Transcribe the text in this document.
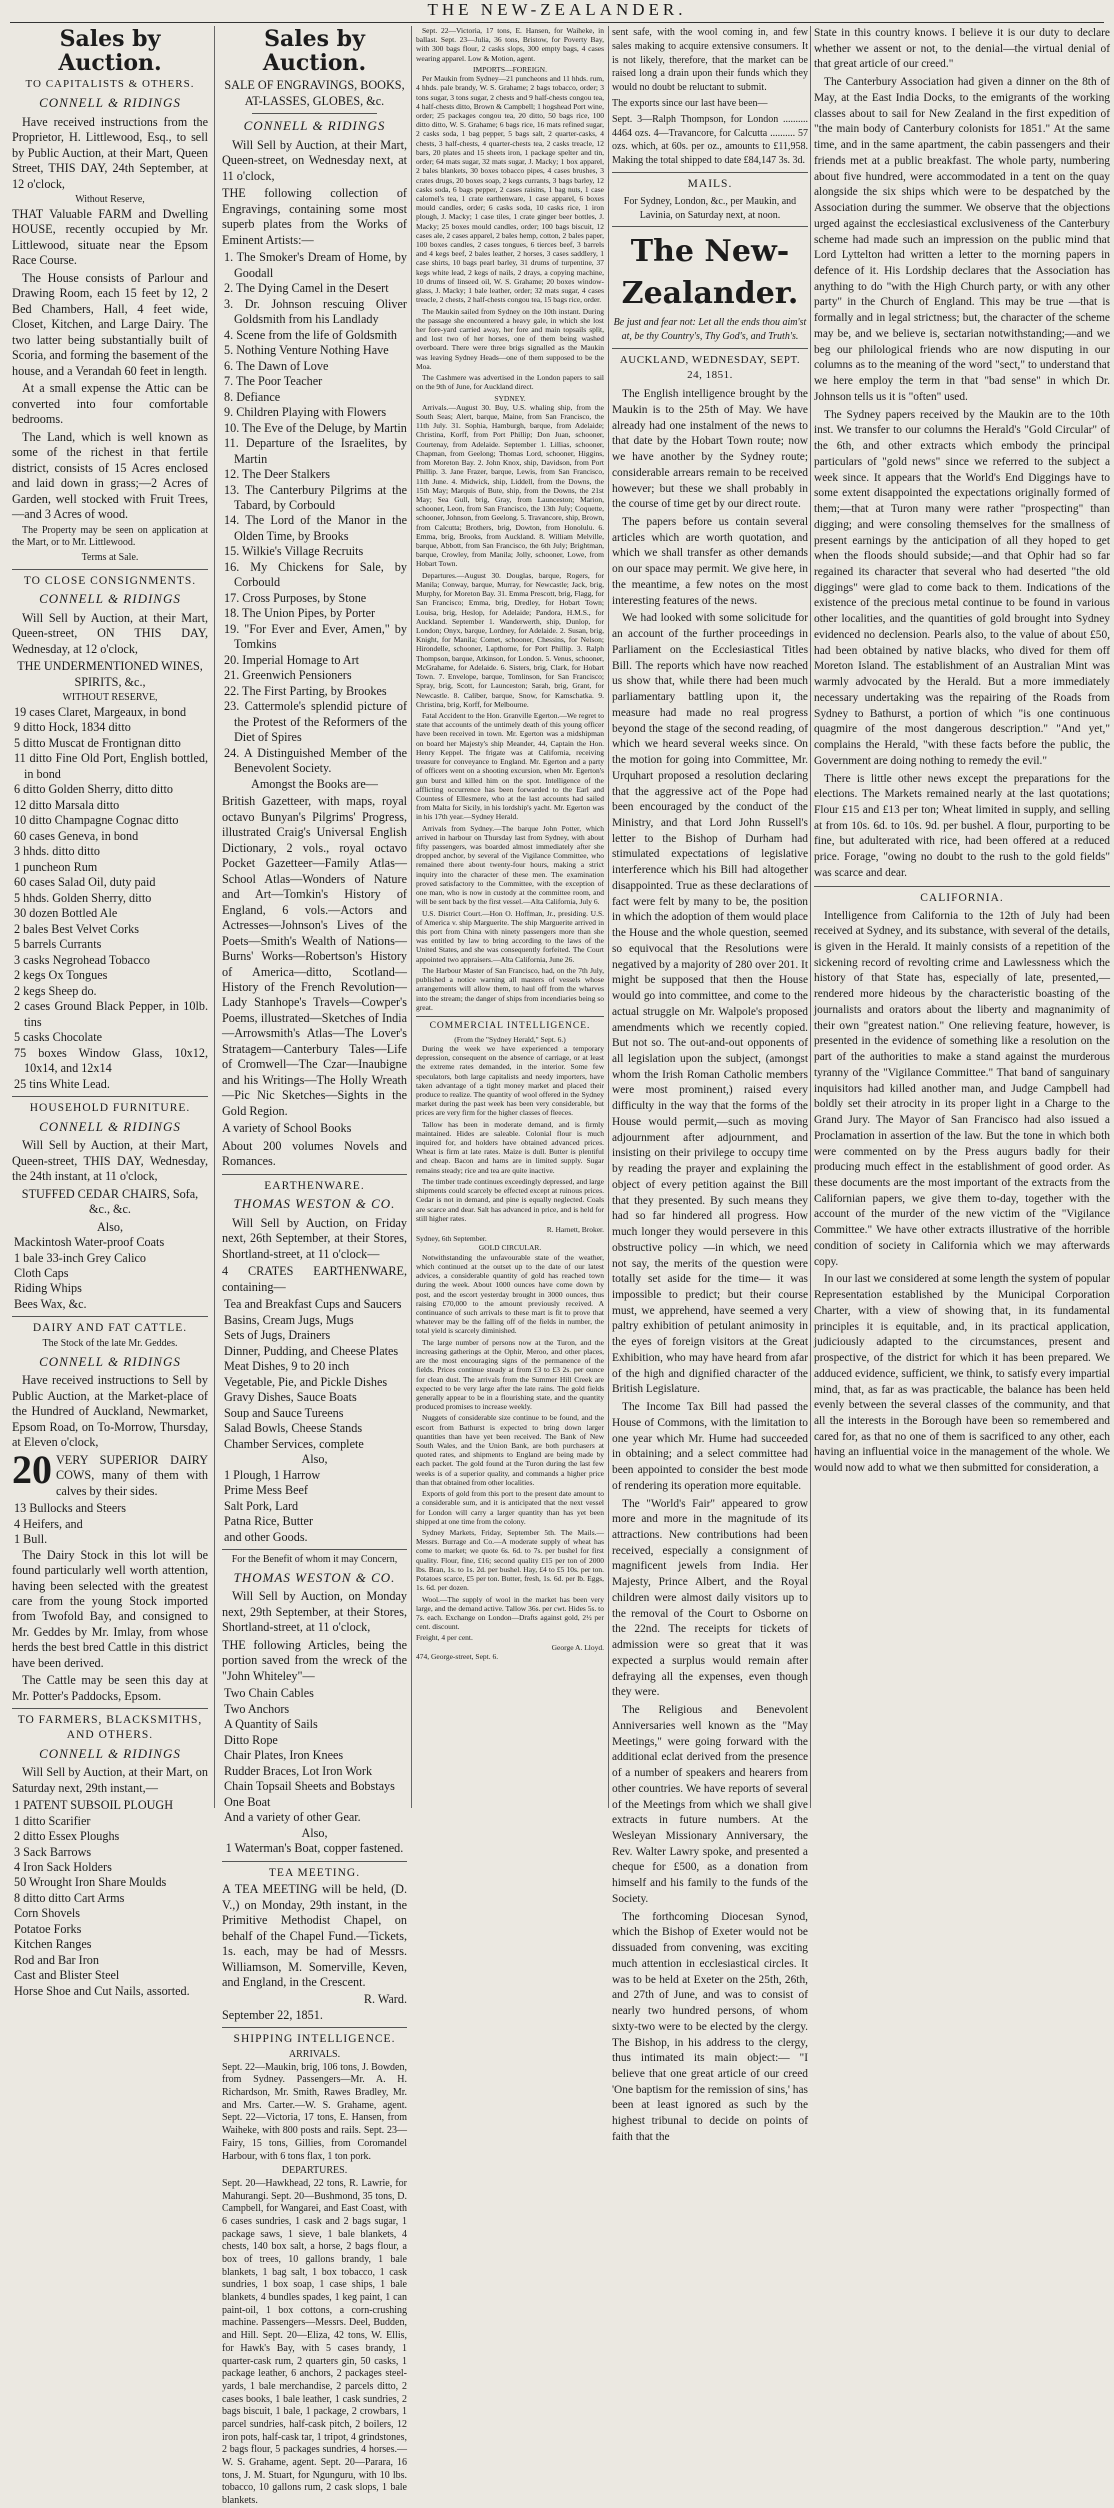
THE NEW-ZEALANDER.
Sales by Auction.
TO CAPITALISTS & OTHERS.
CONNELL & RIDINGS

Have received instructions from the Proprietor, H. Littlewood, Esq., to sell by Public Auction, at their Mart, Queen Street, THIS DAY, 24th September, at 12 o'clock,

Without Reserve,

THAT Valuable FARM and Dwelling HOUSE, recently occupied by Mr. Littlewood, situate near the Epsom Race Course.

The House consists of Parlour and Drawing Room, each 15 feet by 12, 2 Bed Chambers, Hall, 4 feet wide, Closet, Kitchen, and Large Dairy. The two latter being substantially built of Scoria, and forming the basement of the house, and a Verandah 60 feet in length.

At a small expense the Attic can be converted into four comfortable bedrooms.

The Land, which is well known as some of the richest in that fertile district, consists of 15 Acres enclosed and laid down in grass;—2 Acres of Garden, well stocked with Fruit Trees,—and 3 Acres of wood.

The Property may be seen on application at the Mart, or to Mr. Littlewood.

Terms at Sale.
TO CLOSE CONSIGNMENTS.
CONNELL & RIDINGS

Will Sell by Auction, at their Mart, Queen-street, ON THIS DAY, Wednesday, at 12 o'clock,

THE UNDERMENTIONED WINES, SPIRITS, &c.,

WITHOUT RESERVE,
19 cases Claret, Margeaux, in bond
9 ditto Hock, 1834 ditto
5 ditto Muscat de Frontignan ditto
11 ditto Fine Old Port, English bottled, in bond
6 ditto Golden Sherry, ditto ditto
12 ditto Marsala ditto
10 ditto Champagne Cognac ditto
60 cases Geneva, in bond
3 hhds. ditto ditto
1 puncheon Rum
60 cases Salad Oil, duty paid
5 hhds. Golden Sherry, ditto
30 dozen Bottled Ale
2 bales Best Velvet Corks
5 barrels Currants
3 casks Negrohead Tobacco
2 kegs Ox Tongues
2 kegs Sheep do.
2 cases Ground Black Pepper, in 10lb. tins
5 casks Chocolate
75 boxes Window Glass, 10x12, 10x14, and 12x14
25 tins White Lead.
HOUSEHOLD FURNITURE.
CONNELL & RIDINGS

Will Sell by Auction, at their Mart, Queen-street, THIS DAY, Wednesday, the 24th instant, at 11 o'clock,

STUFFED CEDAR CHAIRS, Sofa, &c., &c.

Also,
Mackintosh Water-proof Coats
1 bale 33-inch Grey Calico
Cloth Caps
Riding Whips
Bees Wax, &c.
DAIRY AND FAT CATTLE.
The Stock of the late Mr. Geddes.
CONNELL & RIDINGS

Have received instructions to Sell by Public Auction, at the Market-place of the Hundred of Auckland, Newmarket, Epsom Road, on To-Morrow, Thursday, at Eleven o'clock,

20 VERY SUPERIOR DAIRY COWS, many of them with calves by their sides.

13 Bullocks and Steers
4 Heifers, and
1 Bull.

The Dairy Stock in this lot will be found particularly well worth attention, having been selected with the greatest care from the young Stock imported from Twofold Bay, and consigned to Mr. Geddes by Mr. Imlay, from whose herds the best bred Cattle in this district have been derived.

The Cattle may be seen this day at Mr. Potter's Paddocks, Epsom.

TO FARMERS, BLACKSMITHS, AND OTHERS.
CONNELL & RIDINGS

Will Sell by Auction, at their Mart, on Saturday next, 29th instant,—

1 PATENT SUBSOIL PLOUGH
1 ditto Scarifier
2 ditto Essex Ploughs
3 Sack Barrows
4 Iron Sack Holders
50 Wrought Iron Share Moulds
8 ditto ditto Cart Arms
Corn Shovels
Potatoe Forks
Kitchen Ranges
Rod and Bar Iron
Cast and Blister Steel
Horse Shoe and Cut Nails, assorted.
Sales by Auction.
SALE OF ENGRAVINGS, BOOKS, AT-LASSES, GLOBES, &c.
CONNELL & RIDINGS

Will Sell by Auction, at their Mart, Queen-street, on Wednesday next, at 11 o'clock,

THE following collection of Engravings, containing some most superb plates from the Works of Eminent Artists:—

1. The Smoker's Dream of Home, by Goodall
2. The Dying Camel in the Desert
3. Dr. Johnson rescuing Oliver Goldsmith from his Landlady
4. Scene from the life of Goldsmith
5. Nothing Venture Nothing Have
6. The Dawn of Love
7. The Poor Teacher
8. Defiance
9. Children Playing with Flowers
10. The Eve of the Deluge, by Martin
11. Departure of the Israelites, by Martin
12. The Deer Stalkers
13. The Canterbury Pilgrims at the Tabard, by Corbould
14. The Lord of the Manor in the Olden Time, by Brooks
15. Wilkie's Village Recruits
16. My Chickens for Sale, by Corbould
17. Cross Purposes, by Stone
18. The Union Pipes, by Porter
19. "For Ever and Ever, Amen," by Tomkins
20. Imperial Homage to Art
21. Greenwich Pensioners
22. The First Parting, by Brookes
23. Cattermole's splendid picture of the Protest of the Reformers of the Diet of Spires
24. A Distinguished Member of the Benevolent Society.

Amongst the Books are—

British Gazetteer, with maps, royal octavo Bunyan's Pilgrims' Progress, illustrated Craig's Universal English Dictionary, 2 vols., royal octavo Pocket Gazetteer—Family Atlas—School Atlas—Wonders of Nature and Art—Tomkin's History of England, 6 vols.—Actors and Actresses—Johnson's Lives of the Poets—Smith's Wealth of Nations—Burns' Works—Robertson's History of America—ditto, Scotland—History of the French Revolution—Lady Stanhope's Travels—Cowper's Poems, illustrated—Sketches of India—Arrowsmith's Atlas—The Lover's Stratagem—Canterbury Tales—Life of Cromwell—The Czar—Inaubigne and his Writings—The Holly Wreath—Pic Nic Sketches—Sights in the Gold Region.

A variety of School Books

About 200 volumes Novels and Romances.

EARTHENWARE.
THOMAS WESTON & CO.

Will Sell by Auction, on Friday next, 26th September, at their Stores, Shortland-street, at 11 o'clock—

4 CRATES EARTHENWARE, containing—

Tea and Breakfast Cups and Saucers
Basins, Cream Jugs, Mugs
Sets of Jugs, Drainers
Dinner, Pudding, and Cheese Plates
Meat Dishes, 9 to 20 inch
Vegetable, Pie, and Pickle Dishes
Gravy Dishes, Sauce Boats
Soup and Sauce Tureens
Salad Bowls, Cheese Stands
Chamber Services, complete
Also,
1 Plough, 1 Harrow
Prime Mess Beef
Salt Pork, Lard
Patna Rice, Butter
and other Goods.
For the Benefit of whom it may Concern,
THOMAS WESTON & CO.

Will Sell by Auction, on Monday next, 29th September, at their Stores, Shortland-street, at 11 o'clock,

THE following Articles, being the portion saved from the wreck of the "John Whiteley"—

Two Chain Cables
Two Anchors
A Quantity of Sails
Ditto Rope
Chair Plates, Iron Knees
Rudder Braces, Lot Iron Work
Chain Topsail Sheets and Bobstays
One Boat
And a variety of other Gear.
Also,

1 Waterman's Boat, copper fastened.

TEA MEETING.

A TEA MEETING will be held, (D. V.,) on Monday, 29th instant, in the Primitive Methodist Chapel, on behalf of the Chapel Fund.—Tickets, 1s. each, may be had of Messrs. Williamson, M. Somerville, Keven, and England, in the Crescent.

R. Ward.
September 22, 1851.
SHIPPING INTELLIGENCE.
ARRIVALS.

Sept. 22—Maukin, brig, 106 tons, J. Bowden, from Sydney. Passengers—Mr. A. H. Richardson, Mr. Smith, Rawes Bradley, Mr. and Mrs. Carter.—W. S. Grahame, agent. Sept. 22—Victoria, 17 tons, E. Hansen, from Waiheke, with 800 posts and rails. Sept. 23—Fairy, 15 tons, Gillies, from Coromandel Harbour, with 6 tons flax, 1 ton pork.

DEPARTURES.

Sept. 20—Hawkhead, 22 tons, R. Lawrie, for Mahurangi. Sept. 20—Bushmond, 35 tons, D. Campbell, for Wangarei, and East Coast, with 6 cases sundries, 1 cask and 2 bags sugar, 1 package saws, 1 sieve, 1 bale blankets, 4 chests, 140 box salt, a horse, 2 bags flour, a box of trees, 10 gallons brandy, 1 bale blankets, 1 bag salt, 1 box tobacco, 1 cask sundries, 1 box soap, 1 case ships, 1 bale blankets, 4 bundles spades, 1 keg paint, 1 can paint-oil, 1 box cottons, a corn-crushing machine. Passengers—Messrs. Deel, Budden, and Hill. Sept. 20—Eliza, 42 tons, W. Ellis, for Hawk's Bay, with 5 cases brandy, 1 quarter-cask rum, 2 quarters gin, 50 casks, 1 package leather, 6 anchors, 2 packages steel-yards, 1 bale merchandise, 2 parcels ditto, 2 cases books, 1 bale leather, 1 cask sundries, 2 bags biscuit, 1 bale, 1 package, 2 crowbars, 1 parcel sundries, half-cask pitch, 2 boilers, 12 iron pots, half-cask tar, 1 tripot, 4 grindstones, 2 bags flour, 5 packages sundries, 4 horses.—W. S. Grahame, agent. Sept. 20—Parara, 16 tons, J. M. Stuart, for Ngunguru, with 10 lbs. tobacco, 10 gallons rum, 2 cask slops, 1 bale blankets.

Sept. 22—Victoria, 17 tons, E. Hansen, for Waiheke, in ballast. Sept. 23—Julia, 36 tons, Bristow, for Poverty Bay, with 300 bags flour, 2 casks slops, 300 empty bags, 4 cases wearing apparel. Low & Motion, agent.

IMPORTS—FOREIGN.

Per Maukin from Sydney—21 puncheons and 11 hhds. rum, 4 hhds. pale brandy, W. S. Grahame; 2 bags tobacco, order; 3 tons sugar, 3 tons sugar, 2 chests and 9 half-chests congou tea, 4 half-chests ditto, Brown & Campbell; 1 hogshead Port wine, order; 25 packages congou tea, 20 ditto, 50 bags rice, 100 ditto ditto, W. S. Grahame; 6 bags rice, 16 mats refined sugar, 2 casks soda, 1 bag pepper, 5 bags salt, 2 quarter-casks, 4 chests, 3 half-chests, 4 quarter-chests tea, 2 casks treacle, 12 bars, 20 plates and 15 sheets iron, 1 package spelter and tin, order; 64 mats sugar, 32 mats sugar, J. Macky; 1 box apparel, 2 bales blankets, 30 boxes tobacco pipes, 4 cases brushes, 3 crates drugs, 20 boxes soap, 2 kegs currants, 3 bags barley, 12 casks soda, 6 bags pepper, 2 cases raisins, 1 bag nuts, 1 case calomel's tea, 1 crate earthenware, 1 case apparel, 6 boxes mould candles, order; 6 casks soda, 10 casks rice, 1 iron plough, J. Macky; 1 case tiles, 1 crate ginger beer bottles, J. Macky; 25 boxes mould candles, order; 100 bags biscuit, 12 cases ale, 2 cases apparel, 2 bales hemp, cotton, 2 bales paper, 100 boxes candles, 2 cases tongues, 6 tierces beef, 3 barrels and 4 kegs beef, 2 bales leather, 2 horses, 3 cases saddlery, 1 case shirts, 10 bags pearl barley, 31 drums of turpentine, 37 kegs white lead, 2 kegs of nails, 2 drays, a copying machine, 10 drums of linseed oil, W. S. Grahame; 20 boxes window-glass, J. Macky; 1 bale leather, order; 32 mats sugar, 4 cases treacle, 2 chests, 2 half-chests congou tea, 15 bags rice, order.

The Maukin sailed from Sydney on the 10th instant. During the passage she encountered a heavy gale, in which she lost her fore-yard carried away, her fore and main topsails split, and lost two of her horses, one of them being washed overboard. There were three brigs signalled as the Maukin was leaving Sydney Heads—one of them supposed to be the Moa.

The Cashmere was advertised in the London papers to sail on the 9th of June, for Auckland direct.

SYDNEY.

Arrivals.—August 30. Buy, U.S. whaling ship, from the South Seas; Alert, barque, Maine, from San Francisco, the 11th July. 31. Sophia, Hamburgh, barque, from Adelaide; Christina, Korff, from Port Phillip; Don Juan, schooner, Courtenay, from Adelaide. September 1. Lillias, schooner, Chapman, from Geelong; Thomas Lord, schooner, Higgins, from Moreton Bay. 2. John Knox, ship, Davidson, from Port Phillip. 3. Jane Frazer, barque, Lewis, from San Francisco, 11th June. 4. Midwick, ship, Liddell, from the Downs, the 15th May; Marquis of Bute, ship, from the Downs, the 21st May; Sea Gull, brig, Gray, from Launceston; Marion, schooner, Leon, from San Francisco, the 13th July; Coquette, schooner, Johnson, from Geelong. 5. Travancore, ship, Brown, from Calcutta; Brothers, brig, Dowton, from Honolulu. 6. Emma, brig, Brooks, from Auckland. 8. William Melville, barque, Abbott, from San Francisco, the 6th July; Brightman, barque, Crowley, from Manila; Jolly, schooner, Lowe, from Hobart Town.

Departures.—August 30. Douglas, barque, Rogers, for Manila; Conway, barque, Murray, for Newcastle; Jack, brig, Murphy, for Moreton Bay. 31. Emma Prescott, brig, Flagg, for San Francisco; Emma, brig, Dredley, for Hobart Town; Louisa, brig, Heslop, for Adelaide; Pandora, H.M.S., for Auckland. September 1. Wanderwerth, ship, Dunlop, for London; Onyx, barque, Lordney, for Adelaide. 2. Susan, brig, Knight, for Manila; Comet, schooner, Chessins, for Nelson; Hirondelle, schooner, Lapthorne, for Port Phillip. 3. Ralph Thompson, barque, Atkinson, for London. 5. Venus, schooner, McGrahame, for Adelaide. 6. Sisters, brig, Clark, for Hobart Town. 7. Envelope, barque, Tomlinson, for San Francisco; Spray, brig, Scott, for Launceston; Sarah, brig, Grant, for Newcastle. 8. Caliber, barque, Snow, for Kamschatka. 9. Christina, brig, Korff, for Melbourne.

Fatal Accident to the Hon. Granville Egerton.—We regret to state that accounts of the untimely death of this young officer have been received in town. Mr. Egerton was a midshipman on board her Majesty's ship Meander, 44, Captain the Hon. Henry Keppel. The frigate was at California, receiving treasure for conveyance to England. Mr. Egerton and a party of officers went on a shooting excursion, when Mr. Egerton's gun burst and killed him on the spot. Intelligence of the afflicting occurrence has been forwarded to the Earl and Countess of Ellesmere, who at the last accounts had sailed from Malta for Sicily, in his lordship's yacht. Mr. Egerton was in his 17th year.—Sydney Herald.

Arrivals from Sydney.—The barque John Potter, which arrived in harbour on Thursday last from Sydney, with about fifty passengers, was boarded almost immediately after she dropped anchor, by several of the Vigilance Committee, who remained there about twenty-four hours, making a strict inquiry into the character of these men. The examination proved satisfactory to the Committee, with the exception of one man, who is now in custody at the committee room, and will be sent back by the first vessel.—Alta California, July 6.

U.S. District Court.—Hon O. Hoffman, Jr., presiding. U.S. of America v. ship Marguerite. The ship Marguerite arrived in this port from China with ninety passengers more than she was entitled by law to bring according to the laws of the United States, and she was consequently forfeited. The Court appointed two appraisers.—Alta California, June 26.

The Harbour Master of San Francisco, had, on the 7th July, published a notice warning all masters of vessels whose arrangements will allow them, to haul off from the wharves into the stream; the danger of ships from incendiaries being so great.

COMMERCIAL INTELLIGENCE.
(From the "Sydney Herald," Sept. 6.)

During the week we have experienced a temporary depression, consequent on the absence of carriage, or at least the extreme rates demanded, in the interior. Some few speculators, both large capitalists and needy importers, have taken advantage of a tight money market and placed their produce to realize. The quantity of wool offered in the Sydney market during the past week has been very considerable, but prices are very firm for the higher classes of fleeces.

Tallow has been in moderate demand, and is firmly maintained. Hides are saleable. Colonial flour is much inquired for, and holders have obtained advanced prices. Wheat is firm at late rates. Maize is dull. Butter is plentiful and cheap. Bacon and hams are in limited supply. Sugar remains steady; rice and tea are quite inactive.

The timber trade continues exceedingly depressed, and large shipments could scarcely be effected except at ruinous prices. Cedar is not in demand, and pine is equally neglected. Coals are scarce and dear. Salt has advanced in price, and is held for still higher rates.

R. Harnett, Broker.
Sydney, 6th September.
GOLD CIRCULAR.

Notwithstanding the unfavourable state of the weather, which continued at the outset up to the date of our latest advices, a considerable quantity of gold has reached town during the week. About 1000 ounces have come down by post, and the escort yesterday brought in 3000 ounces, thus raising £70,000 to the amount previously received. A continuance of such arrivals to these mart is fit to prove that whatever may be the falling off of the fields in number, the total yield is scarcely diminished.

The large number of persons now at the Turon, and the increasing gatherings at the Ophir, Meroo, and other places, are the most encouraging signs of the permanence of the fields. Prices continue steady at from £3 to £3 2s. per ounce for clean dust. The arrivals from the Summer Hill Creek are expected to be very large after the late rains. The gold fields generally appear to be in a flourishing state, and the quantity produced promises to increase weekly.

Nuggets of considerable size continue to be found, and the escort from Bathurst is expected to bring down larger quantities than have yet been received. The Bank of New South Wales, and the Union Bank, are both purchasers at quoted rates, and shipments to England are being made by each packet. The gold found at the Turon during the last few weeks is of a superior quality, and commands a higher price than that obtained from other localities.

Exports of gold from this port to the present date amount to a considerable sum, and it is anticipated that the next vessel for London will carry a larger quantity than has yet been shipped at one time from the colony.

Sydney Markets, Friday, September 5th. The Mails.—Messrs. Burrage and Co.—A moderate supply of wheat has come to market; we quote 6s. 6d. to 7s. per bushel for first quality. Flour, fine, £16; second quality £15 per ton of 2000 lbs. Bran, 1s. to 1s. 2d. per bushel. Hay, £4 to £5 10s. per ton. Potatoes scarce, £5 per ton. Butter, fresh, 1s. 6d. per lb. Eggs, 1s. 6d. per dozen.

Wool.—The supply of wool in the market has been very large, and the demand active. Tallow 36s. per cwt. Hides 5s. to 7s. each. Exchange on London—Drafts against gold, 2½ per cent. discount.

Freight, 4 per cent.
George A. Lloyd.
474, George-street, Sept. 6.

sent safe, with the wool coming in, and few sales making to acquire extensive consumers. It is not likely, therefore, that the market can be raised long a drain upon their funds which they would no doubt be reluctant to submit.

The exports since our last have been—

Sept. 3—Ralph Thompson, for London .......... 4464 ozs. 4—Travancore, for Calcutta .......... 57 ozs. which, at 60s. per oz., amounts to £11,958. Making the total shipped to date £84,147 3s. 3d.

MAILS.

For Sydney, London, &c., per Maukin, and Lavinia, on Saturday next, at noon.

The New-Zealander.
Be just and fear not: Let all the ends thou aim'st at, be thy Country's, Thy God's, and Truth's.
AUCKLAND, WEDNESDAY, SEPT. 24, 1851.

The English intelligence brought by the Maukin is to the 25th of May. We have already had one instalment of the news to that date by the Hobart Town route; now we have another by the Sydney route; considerable arrears remain to be received however; but these we shall probably in the course of time get by our direct route.

The papers before us contain several articles which are worth quotation, and which we shall transfer as other demands on our space may permit. We give here, in the meantime, a few notes on the most interesting features of the news.

We had looked with some solicitude for an account of the further proceedings in Parliament on the Ecclesiastical Titles Bill. The reports which have now reached us show that, while there had been much parliamentary battling upon it, the measure had made no real progress beyond the stage of the second reading, of which we heard several weeks since. On the motion for going into Committee, Mr. Urquhart proposed a resolution declaring that the aggressive act of the Pope had been encouraged by the conduct of the Ministry, and that Lord John Russell's letter to the Bishop of Durham had stimulated expectations of legislative interference which his Bill had altogether disappointed. True as these declarations of fact were felt by many to be, the position in which the adoption of them would place the House and the whole question, seemed so equivocal that the Resolutions were negatived by a majority of 280 over 201. It might be supposed that then the House would go into committee, and come to the actual struggle on Mr. Walpole's proposed amendments which we recently copied. But not so. The out-and-out opponents of all legislation upon the subject, (amongst whom the Irish Roman Catholic members were most prominent,) raised every difficulty in the way that the forms of the House would permit,—such as moving adjournment after adjournment, and insisting on their privilege to occupy time by reading the prayer and explaining the object of every petition against the Bill that they presented. By such means they had so far hindered all progress. How much longer they would persevere in this obstructive policy —in which, we need not say, the merits of the question were totally set aside for the time— it was impossible to predict; but their course must, we apprehend, have seemed a very paltry exhibition of petulant animosity in the eyes of foreign visitors at the Great Exhibition, who may have heard from afar of the high and dignified character of the British Legislature.

The Income Tax Bill had passed the House of Commons, with the limitation to one year which Mr. Hume had succeeded in obtaining; and a select committee had been appointed to consider the best mode of rendering its operation more equitable.

The "World's Fair" appeared to grow more and more in the magnitude of its attractions. New contributions had been received, especially a consignment of magnificent jewels from India. Her Majesty, Prince Albert, and the Royal children were almost daily visitors up to the removal of the Court to Osborne on the 22nd. The receipts for tickets of admission were so great that it was expected a surplus would remain after defraying all the expenses, even though they were.

The Religious and Benevolent Anniversaries well known as the "May Meetings," were going forward with the additional eclat derived from the presence of a number of speakers and hearers from other countries. We have reports of several of the Meetings from which we shall give extracts in future numbers. At the Wesleyan Missionary Anniversary, the Rev. Walter Lawry spoke, and presented a cheque for £500, as a donation from himself and his family to the funds of the Society.

The forthcoming Diocesan Synod, which the Bishop of Exeter would not be dissuaded from convening, was exciting much attention in ecclesiastical circles. It was to be held at Exeter on the 25th, 26th, and 27th of June, and was to consist of nearly two hundred persons, of whom sixty-two were to be elected by the clergy. The Bishop, in his address to the clergy, thus intimated its main object:— "I believe that one great article of our creed 'One baptism for the remission of sins,' has been at least ignored as such by the highest tribunal to decide on points of faith that the

State in this country knows. I believe it is our duty to declare whether we assent or not, to the denial—the virtual denial of that great article of our creed."

The Canterbury Association had given a dinner on the 8th of May, at the East India Docks, to the emigrants of the working classes about to sail for New Zealand in the first expedition of "the main body of Canterbury colonists for 1851." At the same time, and in the same apartment, the cabin passengers and their friends met at a public breakfast. The whole party, numbering about five hundred, were accommodated in a tent on the quay alongside the six ships which were to be despatched by the Association during the summer. We observe that the objections urged against the ecclesiastical exclusiveness of the Canterbury scheme had made such an impression on the public mind that Lord Lyttelton had written a letter to the morning papers in defence of it. His Lordship declares that the Association has anything to do "with the High Church party, or with any other party" in the Church of England. This may be true —that is formally and in legal strictness; but, the character of the scheme may be, and we believe is, sectarian notwithstanding;—and we beg our philological friends who are now disputing in our columns as to the meaning of the word "sect," to understand that we here employ the term in that "bad sense" in which Dr. Johnson tells us it is "often" used.

The Sydney papers received by the Maukin are to the 10th inst. We transfer to our columns the Herald's "Gold Circular" of the 6th, and other extracts which embody the principal particulars of "gold news" since we referred to the subject a week since. It appears that the World's End Diggings have to some extent disappointed the expectations originally formed of them;—that at Turon many were rather "prospecting" than digging; and were consoling themselves for the smallness of present earnings by the anticipation of all they hoped to get when the floods should subside;—and that Ophir had so far regained its character that several who had deserted "the old diggings" were glad to come back to them. Indications of the existence of the precious metal continue to be found in various other localities, and the quantities of gold brought into Sydney evidenced no declension. Pearls also, to the value of about £50, had been obtained by native blacks, who dived for them off Moreton Island. The establishment of an Australian Mint was warmly advocated by the Herald. But a more immediately necessary undertaking was the repairing of the Roads from Sydney to Bathurst, a portion of which "is one continuous quagmire of the most dangerous description." "And yet," complains the Herald, "with these facts before the public, the Government are doing nothing to remedy the evil."

There is little other news except the preparations for the elections. The Markets remained nearly at the last quotations; Flour £15 and £13 per ton; Wheat limited in supply, and selling at from 10s. 6d. to 10s. 9d. per bushel. A flour, purporting to be fine, but adulterated with rice, had been offered at a reduced price. Forage, "owing no doubt to the rush to the gold fields" was scarce and dear.

CALIFORNIA.

Intelligence from California to the 12th of July had been received at Sydney, and its substance, with several of the details, is given in the Herald. It mainly consists of a repetition of the sickening record of revolting crime and Lawlessness which the history of that State has, especially of late, presented,— rendered more hideous by the characteristic boasting of the journalists and orators about the liberty and magnanimity of their own "greatest nation." One relieving feature, however, is presented in the evidence of something like a resolution on the part of the authorities to make a stand against the murderous tyranny of the "Vigilance Committee." That band of sanguinary inquisitors had killed another man, and Judge Campbell had boldly set their atrocity in its proper light in a Charge to the Grand Jury. The Mayor of San Francisco had also issued a Proclamation in assertion of the law. But the tone in which both were commented on by the Press augurs badly for their producing much effect in the establishment of good order. As these documents are the most important of the extracts from the Californian papers, we give them to-day, together with the account of the murder of the new victim of the "Vigilance Committee." We have other extracts illustrative of the horrible condition of society in California which we may afterwards copy.

In our last we considered at some length the system of popular Representation established by the Municipal Corporation Charter, with a view of showing that, in its fundamental principles it is equitable, and, in its practical application, judiciously adapted to the circumstances, present and prospective, of the district for which it has been prepared. We adduced evidence, sufficient, we think, to satisfy every impartial mind, that, as far as was practicable, the balance has been held evenly between the several classes of the community, and that all the interests in the Borough have been so remembered and cared for, as that no one of them is sacrificed to any other, each having an influential voice in the management of the whole. We would now add to what we then submitted for consideration, a
